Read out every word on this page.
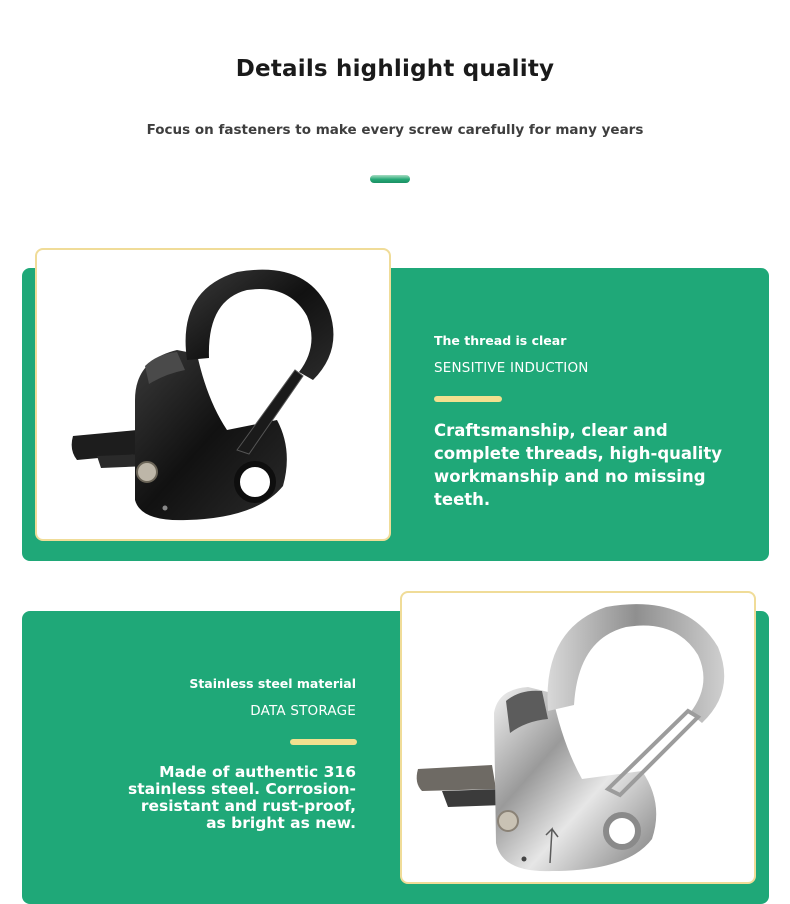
Details highlight quality
Focus on fasteners to make every screw carefully for many years
The thread is clear
SENSITIVE INDUCTION
Craftsmanship, clear and complete threads, high-quality workmanship and no missing teeth.
Stainless steel material
DATA STORAGE
Made of authentic 316 stainless steel. Corrosion-resistant and rust-proof, as bright as new.
